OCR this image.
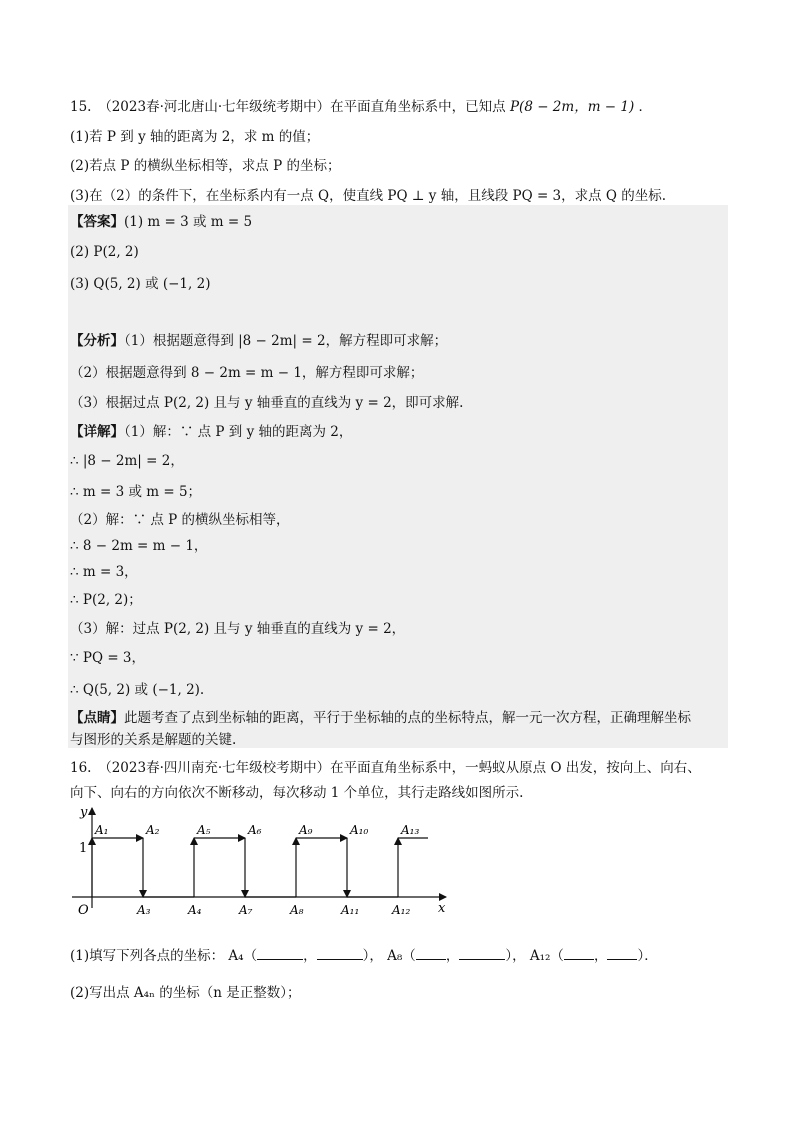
15.　（2023春·河北唐山·七年级统考期中）在平面直角坐标系中，已知点 P(8 − 2m，m − 1) ．
(1)若 P 到 y 轴的距离为 2，求 m 的值；
(2)若点 P 的横纵坐标相等，求点 P 的坐标；
(3)在（2）的条件下，在坐标系内有一点 Q，使直线 PQ ⊥ y 轴，且线段 PQ = 3，求点 Q 的坐标.
【答案】(1) m = 3 或 m = 5
(2) P(2, 2)
(3) Q(5, 2) 或 (−1, 2)
【分析】（1）根据题意得到 |8 − 2m| = 2，解方程即可求解；
（2）根据题意得到 8 − 2m = m − 1，解方程即可求解；
（3）根据过点 P(2, 2) 且与 y 轴垂直的直线为 y = 2，即可求解.
【详解】（1）解：∵ 点 P 到 y 轴的距离为 2，
∴ |8 − 2m| = 2，
∴ m = 3 或 m = 5；
（2）解：∵ 点 P 的横纵坐标相等，
∴ 8 − 2m = m − 1，
∴ m = 3，
∴ P(2, 2)；
（3）解：过点 P(2, 2) 且与 y 轴垂直的直线为 y = 2，
∵ PQ = 3，
∴ Q(5, 2) 或 (−1, 2).
【点睛】此题考查了点到坐标轴的距离，平行于坐标轴的点的坐标特点，解一元一次方程，正确理解坐标
与图形的关系是解题的关键.
16.　（2023春·四川南充·七年级校考期中）在平面直角坐标系中，一蚂蚁从原点 O 出发，按向上、向右、
向下、向右的方向依次不断移动，每次移动 1 个单位，其行走路线如图所示.
y
x
O
1
A₁	A₂	A₅	A₆	A₉	A₁₀	A₁₃
A₃	A₄	A₇	A₈	A₁₁	A₁₂
(1)填写下列各点的坐标： A₄（	，	）， A₈（ ，	）， A₁₂（ ， ）．
(2)写出点 A₄ₙ 的坐标（n 是正整数）；
